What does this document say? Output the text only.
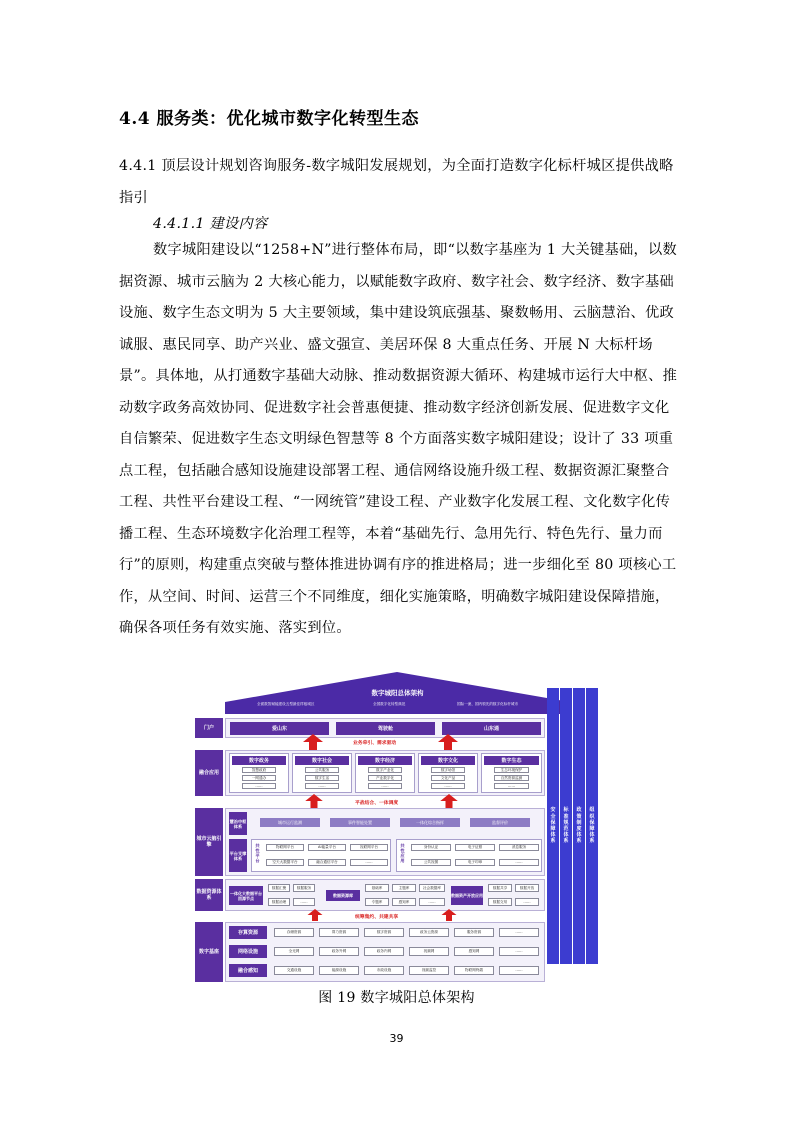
4.4 服务类：优化城市数字化转型生态
4.4.1 顶层设计规划咨询服务-数字城阳发展规划，为全面打造数字化标杆城区提供战略指引
4.4.1.1 建设内容
数字城阳建设以“1258+N”进行整体布局，即“以数字基座为 1 大关键基础，以数据资源、城市云脑为 2 大核心能力，以赋能数字政府、数字社会、数字经济、数字基础设施、数字生态文明为 5 大主要领域，集中建设筑底强基、聚数畅用、云脑慧治、优政诚服、惠民同享、助产兴业、盛文强宣、美居环保 8 大重点任务、开展 N 大标杆场景”。具体地，从打通数字基础大动脉、推动数据资源大循环、构建城市运行大中枢、推动数字政务高效协同、促进数字社会普惠便捷、推动数字经济创新发展、促进数字文化自信繁荣、促进数字生态文明绿色智慧等 8 个方面落实数字城阳建设；设计了 33 项重点工程，包括融合感知设施建设部署工程、通信网络设施升级工程、数据资源汇聚整合工程、共性平台建设工程、“一网统管”建设工程、产业数字化发展工程、文化数字化传播工程、生态环境数字化治理工程等，本着“基础先行、急用先行、特色先行、量力而行”的原则，构建重点突破与整体推进协调有序的推进格局；进一步细化至 80 项核心工作，从空间、时间、运营三个不同维度，细化实施策略，明确数字城阳建设保障措施，确保各项任务有效实施、落实到位。
数字城阳总体架构
全面数智赋能建设五型最佳样板城区	全国数字化转型典范	国际一流、国内领先的数字化标杆城市
门户	爱山东	驾驶舱	山东通
业务牵引、需求驱动
融合应用
数字政务
智慧政府
一网通办
……
数字社会
公共服务
数字生活
……
数字经济
数字产业化
产业数字化
……
数字文化
数字场馆
文化产品
……
数字生态
生态环境保护
自然资源监测
……
平战结合、一体调度
城市云脑引擎
慧治中枢体系
城市运行监测	事件智能处置	一体化综合指挥	监督评价
平台支撑体系
共性平台
物联网平台	AI能量平台	视联网平台
空天大数据平台	融合通信平台	……
共性应用
身份认证	电子证照	消息服务
公共视图	电子印章	……
数据资源体系
一体化大数据平台回源节点
数据汇聚	数据服务
数据治理	……
数据资源库
基础库	主题库	社会数据库
专题库	感知库	……
数据资产开放应用
数据共享	数据开放
数据交易	……
统筹集约、共建共享
数字基座
存算资源	存储资源	算力资源	数字资源	政务云资源	服务资源	……
网络设施	全光网	政务外网	政务内网	视频网	感知网	……
融合感知	交通设施	能源设施	市政设施	视频监控	物联网终端	……
安全保障体系
标准规范体系
政策制度体系
组织保障体系
图 19 数字城阳总体架构
39
